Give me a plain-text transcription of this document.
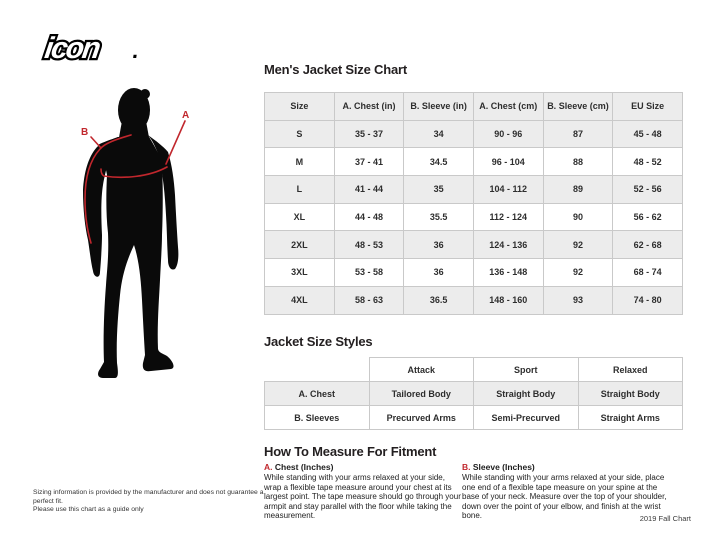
icon .
A
B
Men's Jacket Size Chart
Size	A. Chest (in)	B. Sleeve (in)	A. Chest (cm)	B. Sleeve (cm)	EU Size
S	35 - 37	34	90 - 96	87	45 - 48
M	37 - 41	34.5	96 - 104	88	48 - 52
L	41 - 44	35	104 - 112	89	52 - 56
XL	44 - 48	35.5	112 - 124	90	56 - 62
2XL	48 - 53	36	124 - 136	92	62 - 68
3XL	53 - 58	36	136 - 148	92	68 - 74
4XL	58 - 63	36.5	148 - 160	93	74 - 80
Jacket Size Styles
	Attack	Sport	Relaxed
A. Chest	Tailored Body	Straight Body	Straight Body
B. Sleeves	Precurved Arms	Semi-Precurved	Straight Arms
How To Measure For Fitment
A. Chest (Inches)
While standing with your arms relaxed at your side, wrap a flexible tape measure around your chest at its largest point. The tape measure should go through your armpit and stay parallel with the floor while taking the measurement.
B. Sleeve (Inches)
While standing with your arms relaxed at your side, place one end of a flexible tape measure on your spine at the base of your neck. Measure over the top of your shoulder, down over the point of your elbow, and finish at the wrist bone.
Sizing information is provided by the manufacturer and does not guarantee a perfect fit.
Please use this chart as a guide only
2019 Fall Chart
